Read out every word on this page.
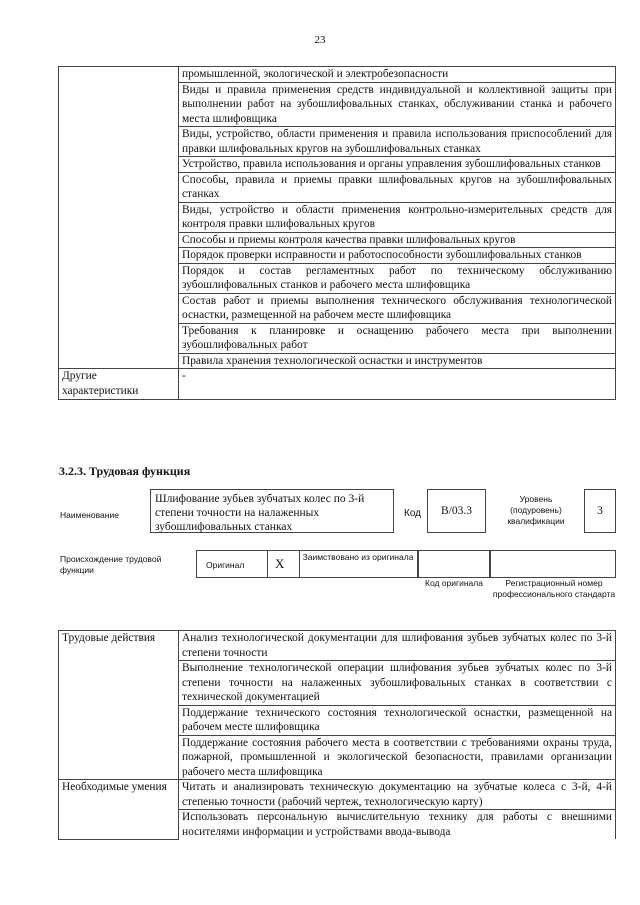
23
	промышленной, экологической и электробезопасности
	Виды и правила применения средств индивидуальной и коллективной защиты при выполнении работ на зубошлифовальных станках, обслуживании станка и рабочего места шлифовщика
	Виды, устройство, области применения и правила использования приспособлений для правки шлифовальных кругов на зубошлифовальных станках
	Устройство, правила использования и органы управления зубошлифовальных станков
	Способы, правила и приемы правки шлифовальных кругов на зубошлифовальных станках
	Виды, устройство и области применения контрольно-измерительных средств для контроля правки шлифовальных кругов
	Способы и приемы контроля качества правки шлифовальных кругов
	Порядок проверки исправности и работоспособности зубошлифовальных станков
	Порядок и состав регламентных работ по техническому обслуживанию зубошлифовальных станков и рабочего места шлифовщика
	Состав работ и приемы выполнения технического обслуживания технологической оснастки, размещенной на рабочем месте шлифовщика
	Требования к планировке и оснащению рабочего места при выполнении зубошлифовальных работ
	Правила хранения технологической оснастки и инструментов
Другие характеристики	-
3.2.3. Трудовая функция
Наименование
Шлифование зубьев зубчатых колес по 3-й степени точности на налаженных зубошлифовальных станках
Код	В/03.3
Уровень (подуровень) квалификации
3
Происхождение трудовой функции	Оригинал X Заимствовано из оригинала
Код оригинала	Регистрационный номер профессионального стандарта
Трудовые действия	Анализ технологической документации для шлифования зубьев зубчатых колес по 3-й степени точности
	Выполнение технологической операции шлифования зубьев зубчатых колес по 3-й степени точности на налаженных зубошлифовальных станках в соответствии с технической документацией
	Поддержание технического состояния технологической оснастки, размещенной на рабочем месте шлифовщика
	Поддержание состояния рабочего места в соответствии с требованиями охраны труда, пожарной, промышленной и экологической безопасности, правилами организации рабочего места шлифовщика
Необходимые умения	Читать и анализировать техническую документацию на зубчатые колеса с 3-й, 4-й степенью точности (рабочий чертеж, технологическую карту)
	Использовать персональную вычислительную технику для работы с внешними носителями информации и устройствами ввода-вывода
